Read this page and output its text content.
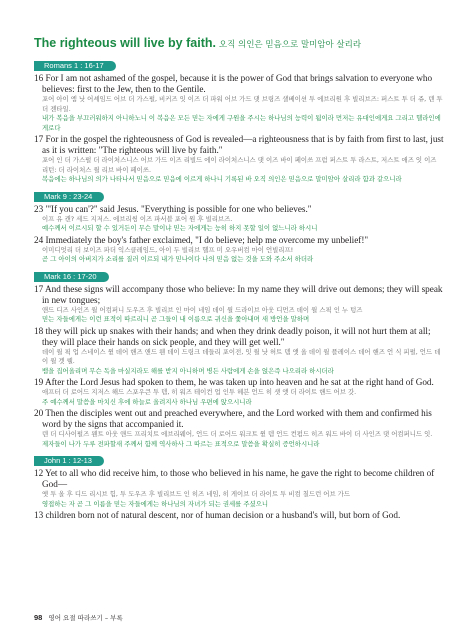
The righteous will live by faith. 오직 의인은 믿음으로 말미암아 살리라
Romans 1 : 16-17
16 For I am not ashamed of the gospel, because it is the power of God that brings salvation to everyone who believes: first to the Jew, then to the Gentile.
포어 아이 엠 낫 어셰임드 어브 더 가스펄, 비커즈 잇 이즈 더 파워 어브 가드 댓 브링즈 샐베이션 투 에브리원 후 빌리브즈: 퍼스트 투 더 쥬, 덴 투 더 젠타일.
내가 복음을 부끄러워하지 아니하노니 이 복음은 모든 믿는 자에게 구원을 주시는 하나님의 능력이 됨이라 먼저는 유대인에게요 그리고 헬라인에게로다
17 For in the gospel the righteousness of God is revealed—a righteousness that is by faith from first to last, just as it is written: "The righteous will live by faith."
포어 인 더 가스펄 더 라이처스니스 어브 가드 이즈 리빌드 에이 라이처스니스 댓 이즈 바이 페이쓰 프럼 퍼스트 투 라스트, 저스트 애즈 잇 이즈 리턴: 더 라이처스 윌 리브 바이 페이쓰.
복음에는 하나님의 의가 나타나서 믿음으로 믿음에 이르게 하나니 기록된 바 오직 의인은 믿음으로 말미암아 살리라 함과 같으니라
Mark 9 : 23-24
23 "'If you can'?" said Jesus. "Everything is possible for one who believes."
이프 유 캔? 세드 지저스. 에브리씽 이즈 파서블 포어 원 후 빌리브즈.
예수께서 이르시되 할 수 있거든이 무슨 말이냐 믿는 자에게는 능히 하지 못할 일이 없느니라 하시니
24 Immediately the boy's father exclaimed, "I do believe; help me overcome my unbelief!"
이미디엇리 더 보이즈 파더 익스클레임드, 아이 두 빌리브 헬프 미 오우버컴 마이 언빌리프!
곧 그 아이의 아버지가 소리를 질러 이르되 내가 믿나이다 나의 믿음 없는 것을 도와 주소서 하더라
Mark 16 : 17-20
17 And these signs will accompany those who believe: In my name they will drive out demons; they will speak in new tongues;
앤드 디즈 사인즈 윌 어컴퍼니 도우즈 후 빌리브 인 마이 네임 데이 윌 드라이브 아웃 디먼즈 데이 윌 스픽 인 누 텅즈
믿는 자들에게는 이런 표적이 따르리니 곧 그들이 내 이름으로 귀신을 쫓아내며 새 방언을 말하며
18 they will pick up snakes with their hands; and when they drink deadly poison, it will not hurt them at all; they will place their hands on sick people, and they will get well."
데이 윌 픽 업 스네이스 윋 데어 핸즈 앤드 웬 데이 드링크 데들리 포이전, 잇 윌 낫 허트 뎀 앳 올 데이 윌 플레이스 데어 핸즈 언 식 피펄, 언드 데이 윌 겟 웰.
뱀을 집어올리며 무슨 독을 마실지라도 해를 받지 아니하며 병든 사람에게 손을 얹은즉 나으리라 하시더라
19 After the Lord Jesus had spoken to them, he was taken up into heaven and he sat at the right hand of God.
애프터 더 로어드 지저스 해드 스포우큰 투 뎀, 히 워즈 테이컨 업 인투 헤븐 언드 히 샛 앳 더 라이트 핸드 어브 갓.
주 예수께서 말씀을 마치신 후에 하늘로 올려지사 하나님 우편에 앉으시니라
20 Then the disciples went out and preached everywhere, and the Lord worked with them and confirmed his word by the signs that accompanied it.
덴 더 디사이펄즈 웬트 아웃 앤드 프리치트 에브리웨어, 언드 더 로어드 워크트 윋 뎀 언드 컨펌드 히즈 워드 바이 더 사인즈 댓 어컴퍼니드 잇.
제자들이 나가 두루 전파할새 주께서 함께 역사하사 그 따르는 표적으로 말씀을 확실히 증언하시니라
John 1 : 12-13
12 Yet to all who did receive him, to those who believed in his name, he gave the right to become children of God—
옛 투 올 후 디드 리시브 힘, 투 도우즈 후 빌리브드 인 히즈 네임, 히 게이브 더 라이트 투 비컴 칠드런 어브 가드
영접하는 자 곧 그 이름을 믿는 자들에게는 하나님의 자녀가 되는 권세를 주셨으니
13 children born not of natural descent, nor of human decision or a husband's will, but born of God.
98 영어 요절 따라쓰기 – 부록
